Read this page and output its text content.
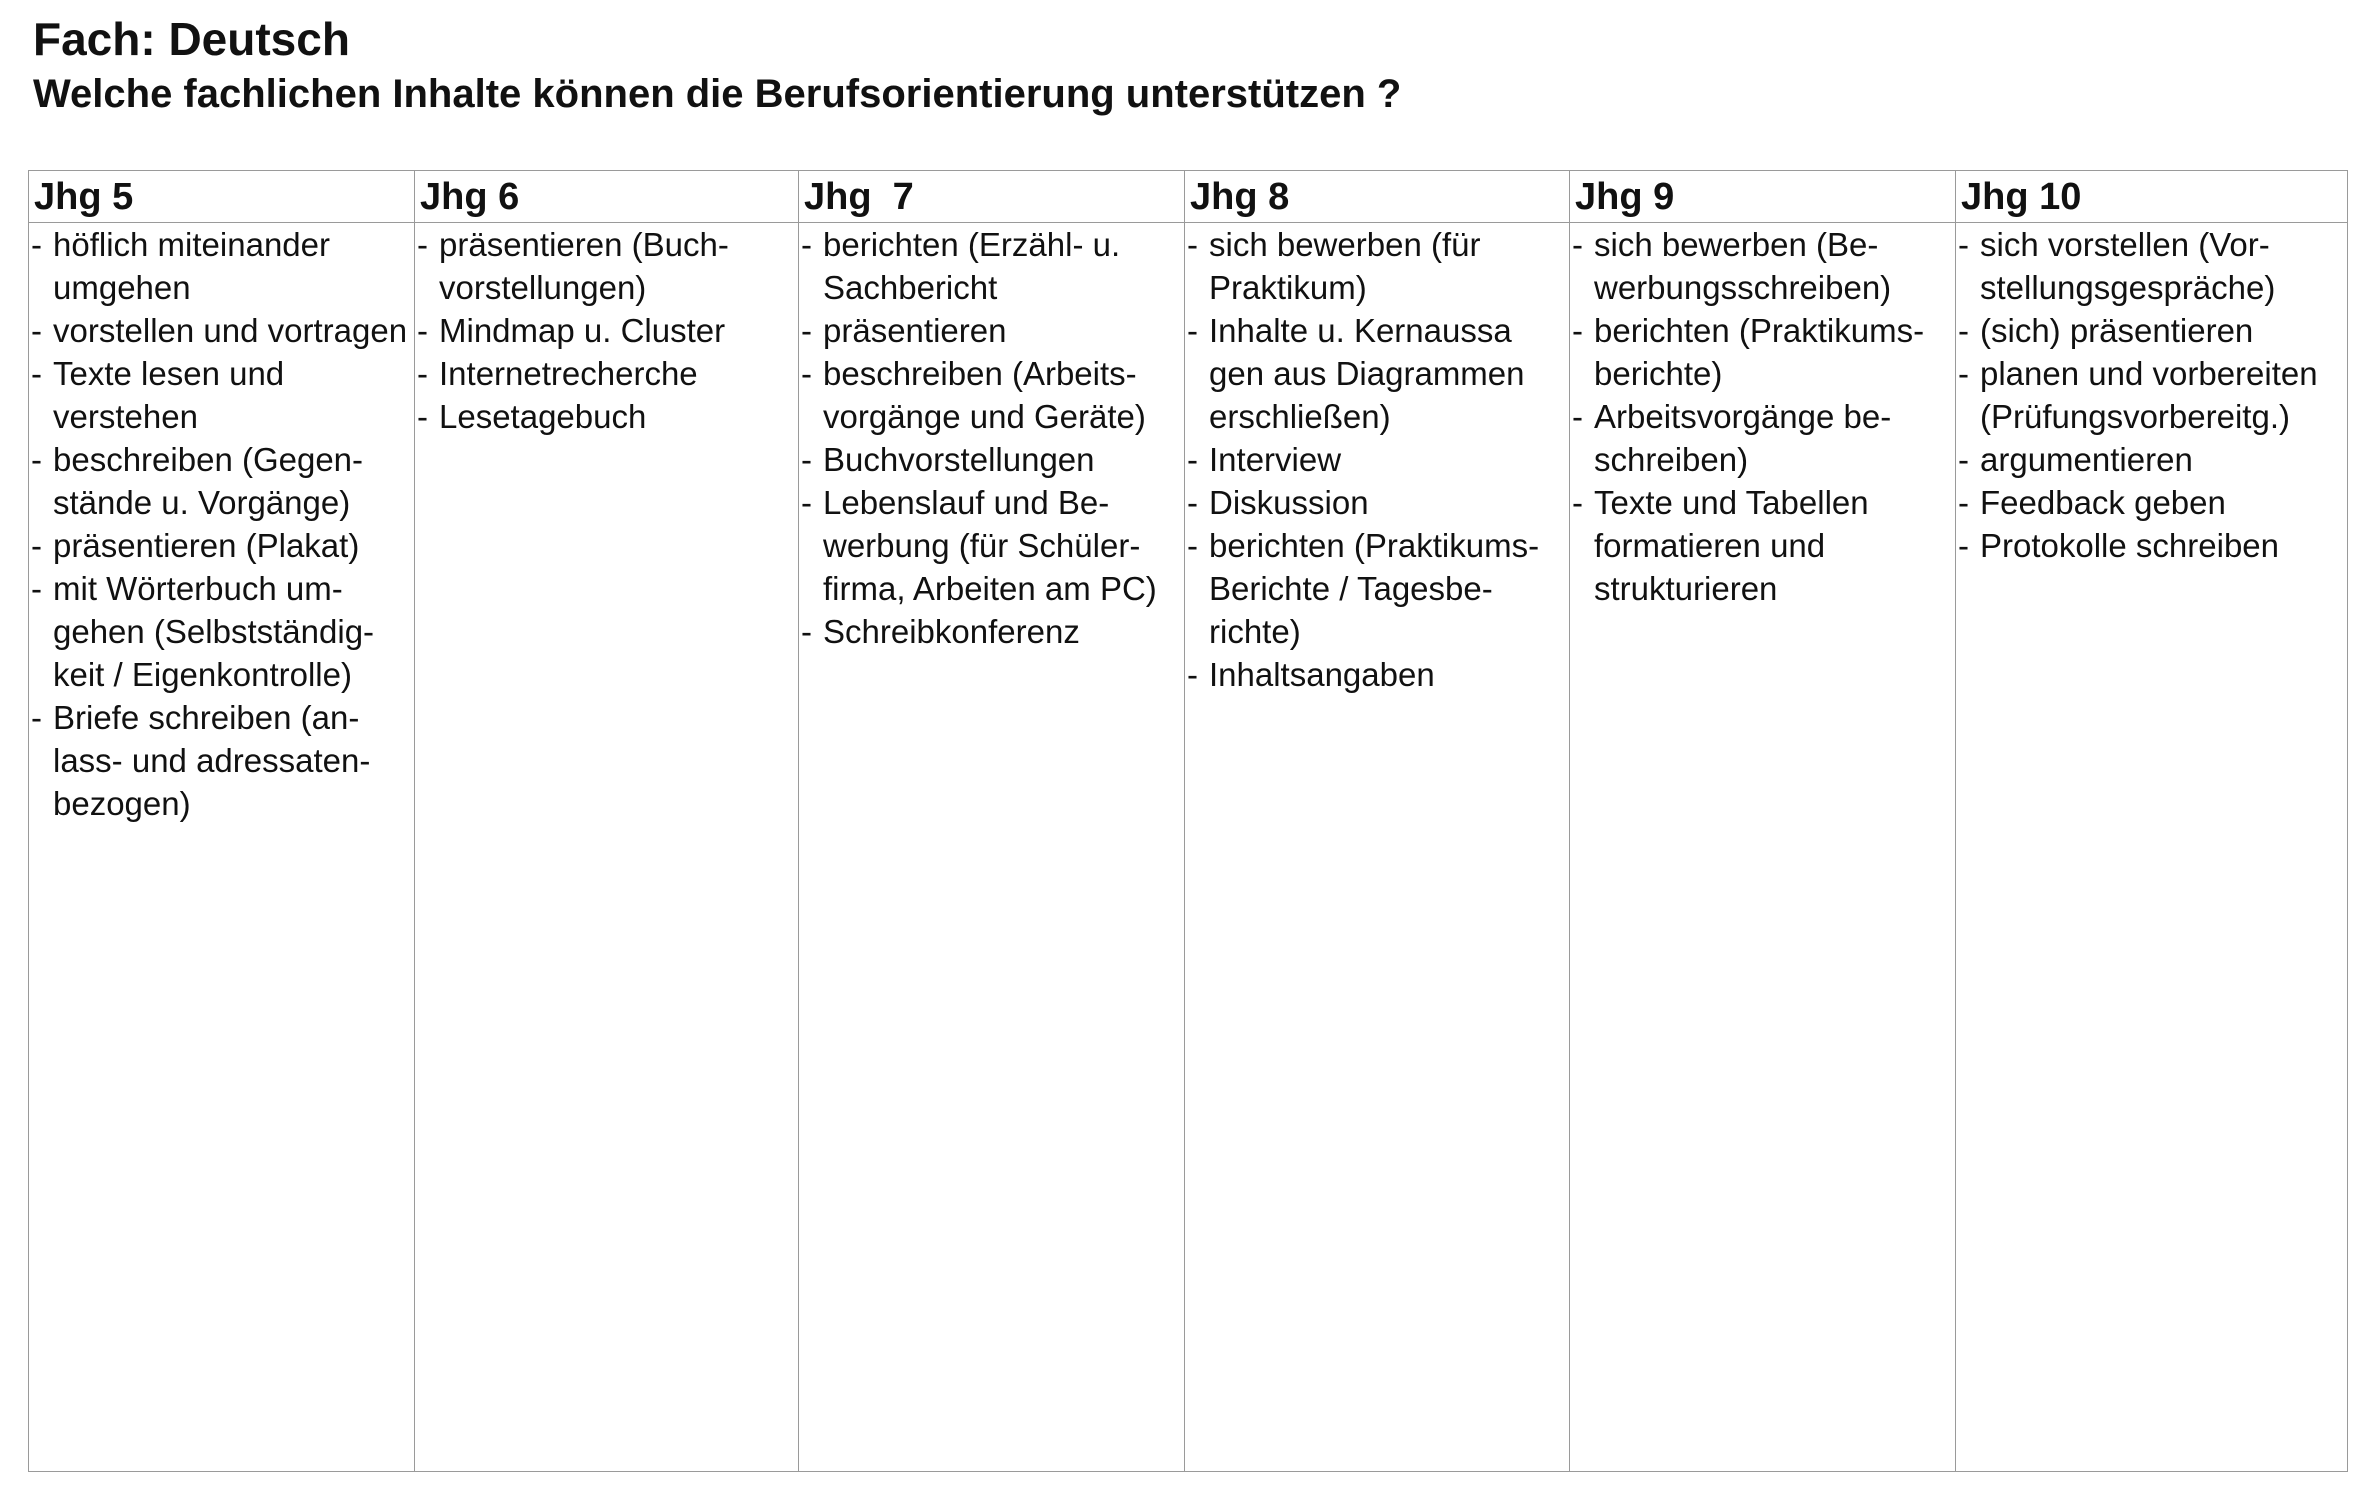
Fach: Deutsch
Welche fachlichen Inhalte können die Berufsorientierung unterstützen ?
Jhg 5
- höflich miteinander
umgehen
- vorstellen und vortragen
- Texte lesen und
verstehen
- beschreiben (Gegen-
stände u. Vorgänge)
- präsentieren (Plakat)
- mit Wörterbuch um-
gehen (Selbstständig-
keit / Eigenkontrolle)
- Briefe schreiben (an-
lass- und adressaten-
bezogen)
Jhg 6
- präsentieren (Buch-
vorstellungen)
- Mindmap u. Cluster
- Internetrecherche
- Lesetagebuch
Jhg  7
- berichten (Erzähl- u.
Sachbericht
- präsentieren
- beschreiben (Arbeits-
vorgänge und Geräte)
- Buchvorstellungen
- Lebenslauf und Be-
werbung (für Schüler-
firma, Arbeiten am PC)
- Schreibkonferenz
Jhg 8
- sich bewerben (für
Praktikum)
- Inhalte u. Kernaussa
gen aus Diagrammen
erschließen)
- Interview
- Diskussion
- berichten (Praktikums-
Berichte / Tagesbe-
richte)
- Inhaltsangaben
Jhg 9
- sich bewerben (Be-
werbungsschreiben)
- berichten (Praktikums-
berichte)
- Arbeitsvorgänge be-
schreiben)
- Texte und Tabellen
formatieren und
strukturieren
Jhg 10
- sich vorstellen (Vor-
stellungsgespräche)
- (sich) präsentieren
- planen und vorbereiten
(Prüfungsvorbereitg.)
- argumentieren
- Feedback geben
- Protokolle schreiben
